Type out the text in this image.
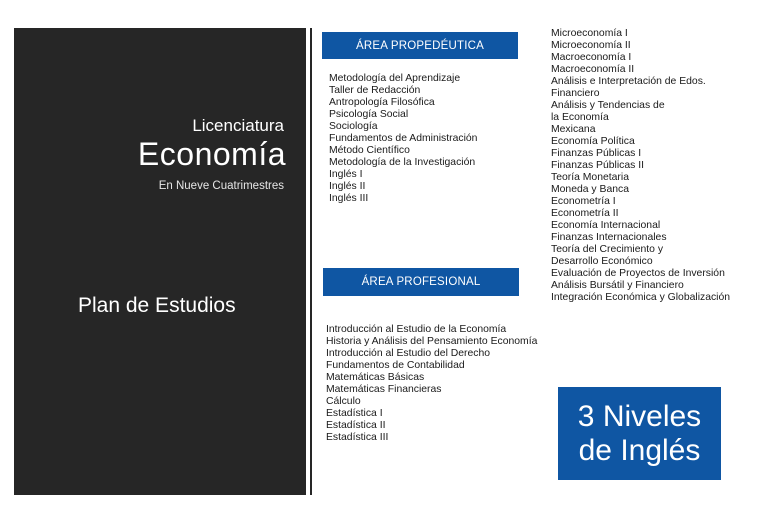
Licenciatura
Economía
En Nueve Cuatrimestres
Plan de Estudios
ÁREA PROPEDÉUTICA
Metodología del Aprendizaje
Taller de Redacción
Antropología Filosófica
Psicología Social
Sociología
Fundamentos de Administración
Método Científico
Metodología de la Investigación
Inglés I
Inglés II
Inglés III
ÁREA PROFESIONAL
Introducción al Estudio de la Economía
Historia y Análisis del Pensamiento Economía
Introducción al Estudio del Derecho
Fundamentos de Contabilidad
Matemáticas Básicas
Matemáticas Financieras
Cálculo
Estadística I
Estadística II
Estadística III
Microeconomía I
Microeconomía II
Macroeconomía I
Macroeconomía II
Análisis e Interpretación de Edos.
Financiero
Análisis y Tendencias de
la Economía
Mexicana
Economía Política
Finanzas Públicas I
Finanzas Públicas II
Teoría Monetaria
Moneda y Banca
Econometría I
Econometría II
Economía Internacional
Finanzas Internacionales
Teoría del Crecimiento y
Desarrollo Económico
Evaluación de Proyectos de Inversión
Análisis Bursátil y Financiero
Integración Económica y Globalización
3 Niveles
de Inglés
